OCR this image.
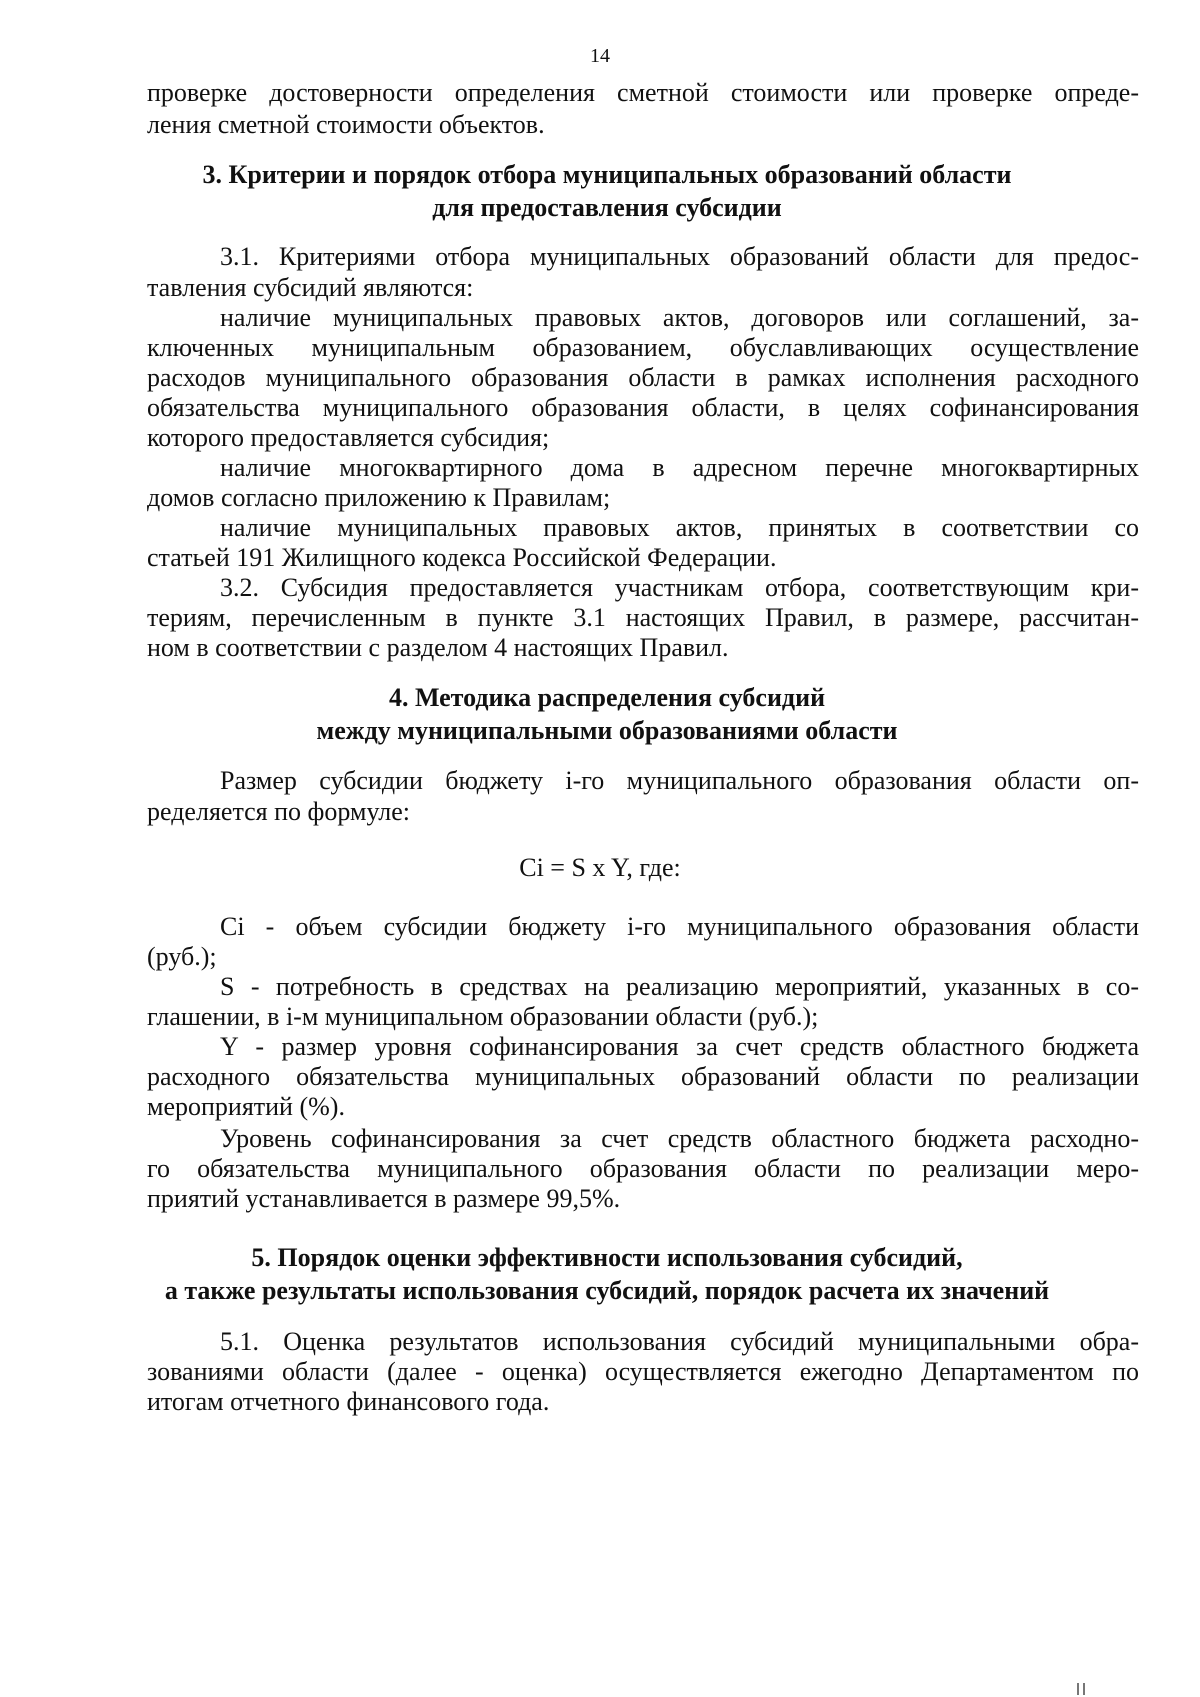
14
проверке достоверности определения сметной стоимости или проверке опреде-
ления сметной стоимости объектов.
3. Критерии и порядок отбора муниципальных образований области
для предоставления субсидии
3.1. Критериями отбора муниципальных образований области для предос-
тавления субсидий являются:
наличие муниципальных правовых актов, договоров или соглашений, за-
ключенных муниципальным образованием, обуславливающих осуществление
расходов муниципального образования области в рамках исполнения расходного
обязательства муниципального образования области, в целях софинансирования
которого предоставляется субсидия;
наличие многоквартирного дома в адресном перечне многоквартирных
домов согласно приложению к Правилам;
наличие муниципальных правовых актов, принятых в соответствии со
статьей 191 Жилищного кодекса Российской Федерации.
3.2. Субсидия предоставляется участникам отбора, соответствующим кри-
териям, перечисленным в пункте 3.1 настоящих Правил, в размере, рассчитан-
ном в соответствии с разделом 4 настоящих Правил.
4. Методика распределения субсидий
между муниципальными образованиями области
Размер субсидии бюджету i-го муниципального образования области оп-
ределяется по формуле:
Ci = S x Y, где:
Ci - объем субсидии бюджету i-го муниципального образования области
(руб.);
S - потребность в средствах на реализацию мероприятий, указанных в со-
глашении, в i-м муниципальном образовании области (руб.);
Y - размер уровня софинансирования за счет средств областного бюджета
расходного обязательства муниципальных образований области по реализации
мероприятий (%).
Уровень софинансирования за счет средств областного бюджета расходно-
го обязательства муниципального образования области по реализации меро-
приятий устанавливается в размере 99,5%.
5. Порядок оценки эффективности использования субсидий,
а также результаты использования субсидий, порядок расчета их значений
5.1. Оценка результатов использования субсидий муниципальными обра-
зованиями области (далее - оценка) осуществляется ежегодно Департаментом по
итогам отчетного финансового года.
